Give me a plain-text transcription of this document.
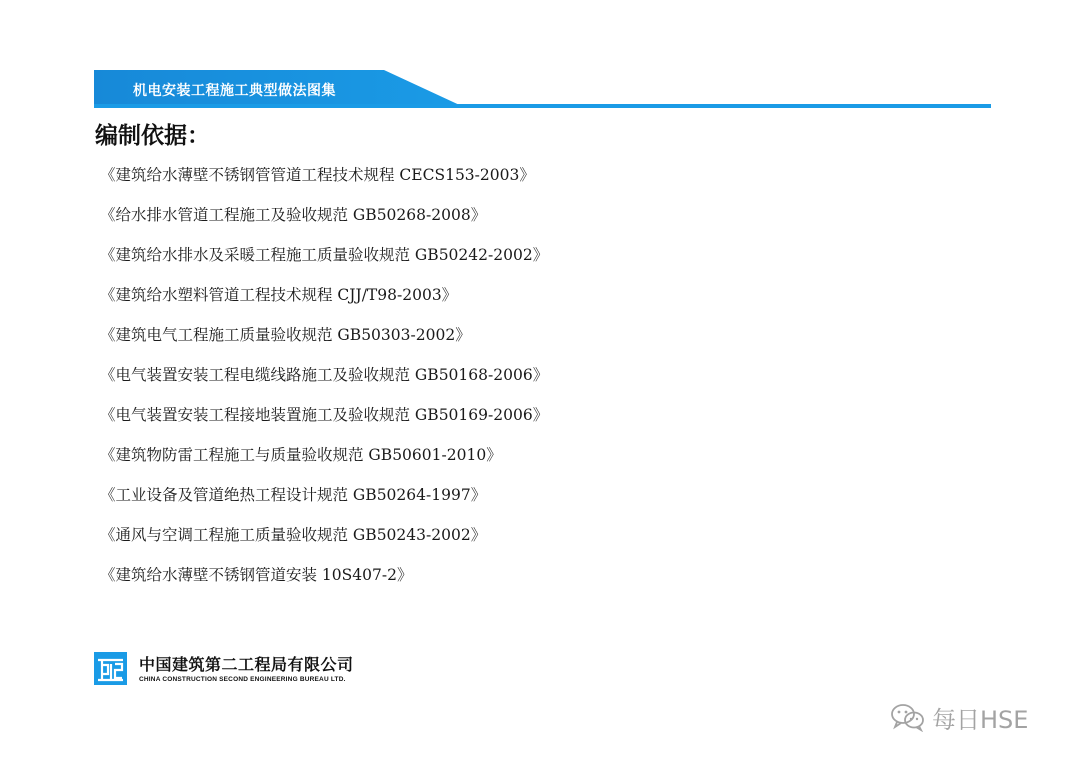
机电安装工程施工典型做法图集
编制依据：
《建筑给水薄壁不锈钢管管道工程技术规程 CECS153-2003》
《给水排水管道工程施工及验收规范 GB50268-2008》
《建筑给水排水及采暖工程施工质量验收规范 GB50242-2002》
《建筑给水塑料管道工程技术规程 CJJ/T98-2003》
《建筑电气工程施工质量验收规范 GB50303-2002》
《电气装置安装工程电缆线路施工及验收规范 GB50168-2006》
《电气装置安装工程接地装置施工及验收规范 GB50169-2006》
《建筑物防雷工程施工与质量验收规范 GB50601-2010》
《工业设备及管道绝热工程设计规范 GB50264-1997》
《通风与空调工程施工质量验收规范 GB50243-2002》
《建筑给水薄壁不锈钢管道安装 10S407-2》
中国建筑第二工程局有限公司
CHINA CONSTRUCTION SECOND ENGINEERING BUREAU LTD.
每日HSE
